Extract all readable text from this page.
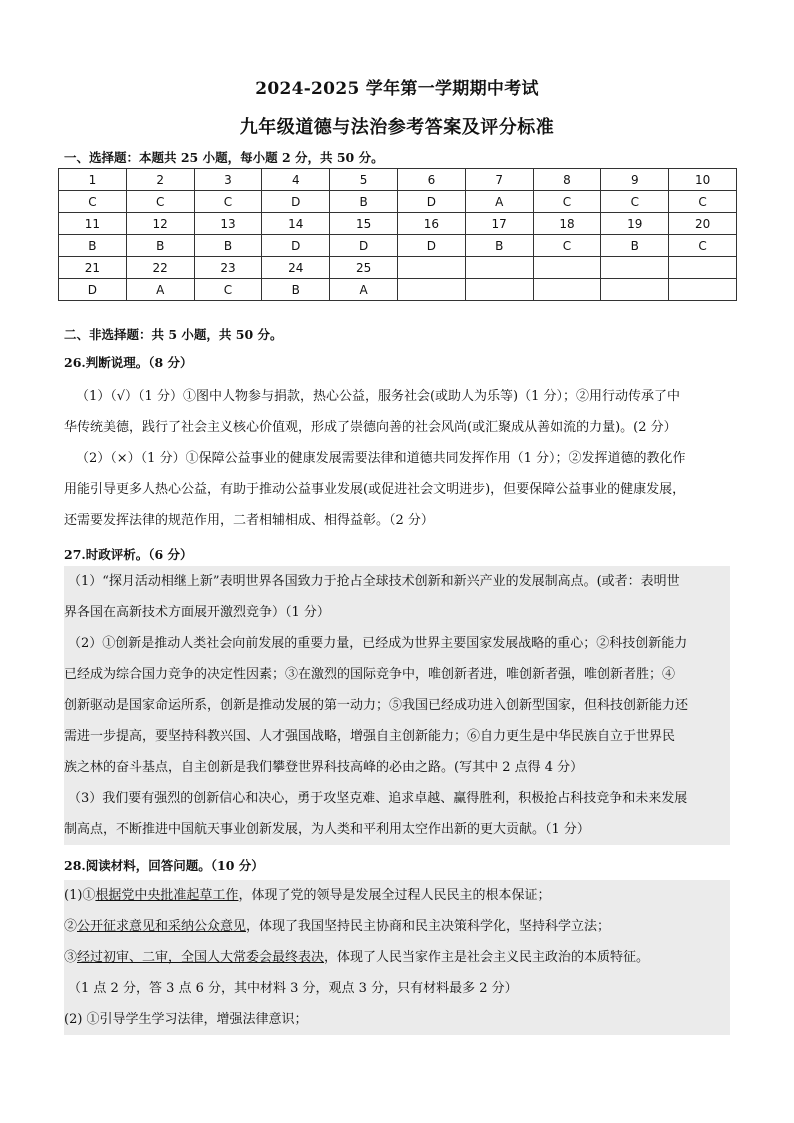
2024-2025 学年第一学期期中考试
九年级道德与法治参考答案及评分标准
一、选择题：本题共 25 小题，每小题 2 分，共 50 分。
1	2	3	4	5	6	7	8	9	10
C	C	C	D	B	D	A	C	C	C
11	12	13	14	15	16	17	18	19	20
B	B	B	D	D	D	B	C	B	C
21	22	23	24	25					
D	A	C	B	A					
二、非选择题：共 5 小题，共 50 分。
26.判断说理。（8 分）
（1）（√）（1 分）①图中人物参与捐款，热心公益，服务社会(或助人为乐等)（1 分）；②用行动传承了中
华传统美德，践行了社会主义核心价值观，形成了崇德向善的社会风尚(或汇聚成从善如流的力量)。(2 分）
（2）（×）（1 分）①保障公益事业的健康发展需要法律和道德共同发挥作用（1 分）；②发挥道德的教化作
用能引导更多人热心公益，有助于推动公益事业发展(或促进社会文明进步)，但要保障公益事业的健康发展，
还需要发挥法律的规范作用，二者相辅相成、相得益彰。（2 分）
27.时政评析。（6 分）
（1）“探月活动相继上新”表明世界各国致力于抢占全球技术创新和新兴产业的发展制高点。(或者：表明世
界各国在高新技术方面展开激烈竞争）（1 分）
（2）①创新是推动人类社会向前发展的重要力量，已经成为世界主要国家发展战略的重心；②科技创新能力
已经成为综合国力竞争的决定性因素；③在激烈的国际竞争中，唯创新者进，唯创新者强，唯创新者胜；④
创新驱动是国家命运所系，创新是推动发展的第一动力；⑤我国已经成功进入创新型国家，但科技创新能力还
需进一步提高，要坚持科教兴国、人才强国战略，增强自主创新能力；⑥自力更生是中华民族自立于世界民
族之林的奋斗基点，自主创新是我们攀登世界科技高峰的必由之路。(写其中 2 点得 4 分）
（3）我们要有强烈的创新信心和决心，勇于攻坚克难、追求卓越、赢得胜利，积极抢占科技竞争和未来发展
制高点，不断推进中国航天事业创新发展，为人类和平利用太空作出新的更大贡献。（1 分）
28.阅读材料，回答问题。（10 分）
(1)①根据党中央批准起草工作，体现了党的领导是发展全过程人民民主的根本保证；
②公开征求意见和采纳公众意见，体现了我国坚持民主协商和民主决策科学化，坚持科学立法；
③经过初审、二审，全国人大常委会最终表决，体现了人民当家作主是社会主义民主政治的本质特征。
（1 点 2 分，答 3 点 6 分，其中材料 3 分，观点 3 分，只有材料最多 2 分）
(2) ①引导学生学习法律，增强法律意识；
